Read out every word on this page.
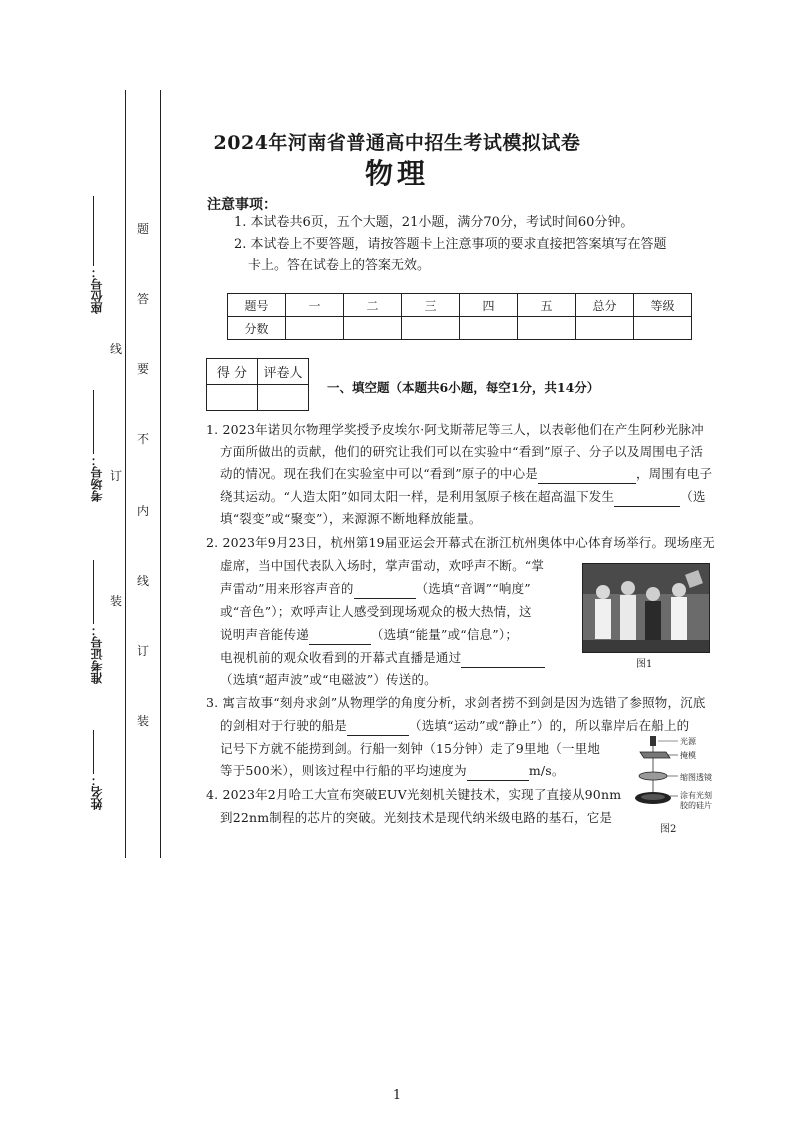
座位号：
考场号：
准考证号：
姓名：
线
订
装
题
答
要
不
内
线
订
装
2024年河南省普通高中招生考试模拟试卷
物理
注意事项：
1. 本试卷共6页，五个大题，21小题，满分70分，考试时间60分钟。
2. 本试卷上不要答题，请按答题卡上注意事项的要求直接把答案填写在答题
卡上。答在试卷上的答案无效。
题号	一	二	三	四	五	总分	等级
分数							
得 分	评卷人

一、填空题（本题共6小题，每空1分，共14分）
1. 2023年诺贝尔物理学奖授予皮埃尔·阿戈斯蒂尼等三人，以表彰他们在产生阿秒光脉冲
方面所做出的贡献，他们的研究让我们可以在实验中“看到”原子、分子以及周围电子活
动的情况。现在我们在实验室中可以“看到”原子的中心是	，周围有电子
绕其运动。“人造太阳”如同太阳一样，是利用氢原子核在超高温下发生	（选
填“裂变”或“聚变”），来源源不断地释放能量。
2. 2023年9月23日，杭州第19届亚运会开幕式在浙江杭州奥体中心体育场举行。现场座无
虚席，当中国代表队入场时，掌声雷动，欢呼声不断。“掌
声雷动”用来形容声音的	（选填“音调”“响度”
或“音色”）；欢呼声让人感受到现场观众的极大热情，这
说明声音能传递	（选填“能量”或“信息”）；
电视机前的观众收看到的开幕式直播是通过
（选填“超声波”或“电磁波”）传送的。
图1
3. 寓言故事“刻舟求剑”从物理学的角度分析，求剑者捞不到剑是因为选错了参照物，沉底
的剑相对于行驶的船是	（选填“运动”或“静止”）的，所以靠岸后在船上的
记号下方就不能捞到剑。行船一刻钟（15分钟）走了9里地（一里地
等于500米），则该过程中行船的平均速度为	m/s。
4. 2023年2月哈工大宣布突破EUV光刻机关键技术，实现了直接从90nm
到22nm制程的芯片的突破。光刻技术是现代纳米级电路的基石，它是
光源
掩模
缩图透镜
涂有光刻
胶的硅片
图2
1
